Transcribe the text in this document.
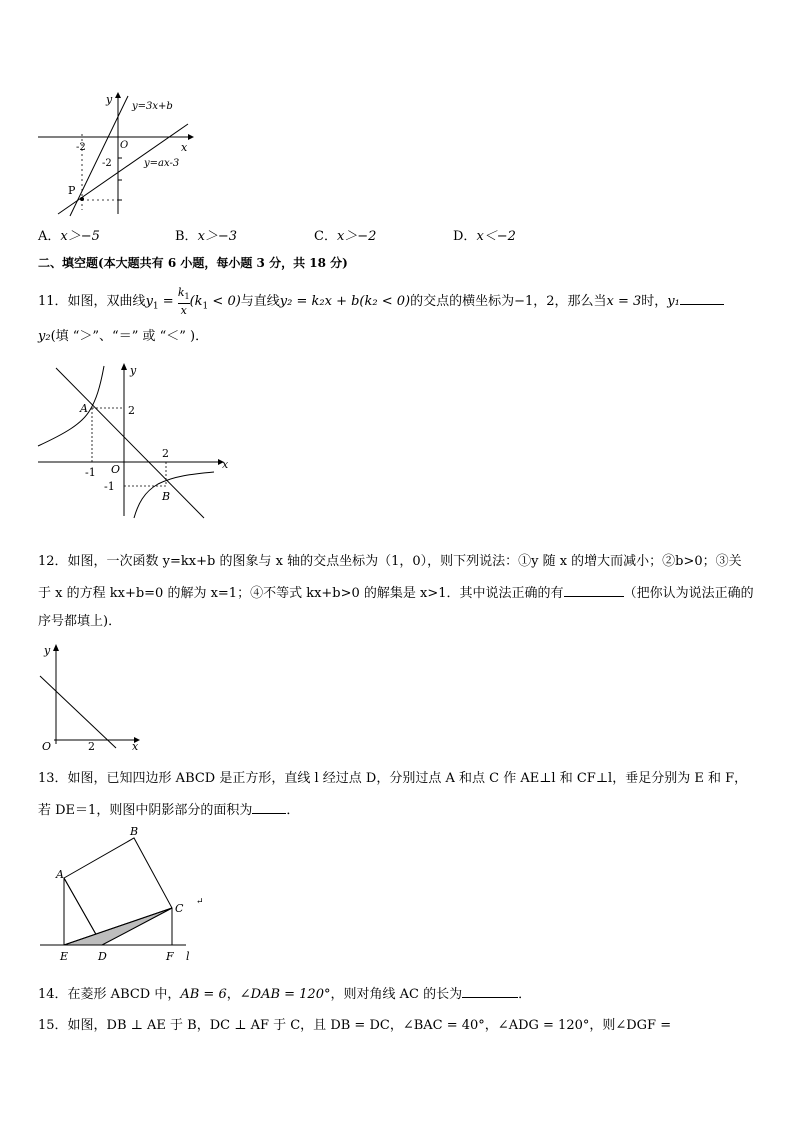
y
y=3x+b
-2	O	x
-2	y=ax-3
P
A．x＞−5	B．x＞−3	C．x＞−2	D．x＜−2
二、填空题(本大题共有 6 小题，每小题 3 分，共 18 分)
11．如图，双曲线$y_1 = k_1$

x
$(k_1 < 0)$与直线y₂ = k₂x + b(k₂ < 0)的交点的横坐标为−1，2，那么当x = 3时，y₁
y₂(填 “＞”、“＝” 或 “＜” )．
y
A	2
2
x
-1 O
-1
B
12．如图，一次函数 y=kx+b 的图象与 x 轴的交点坐标为（1，0），则下列说法：①y 随 x 的增大而减小；②b>0；③关
于 x 的方程 kx+b=0 的解为 x=1；④不等式 kx+b>0 的解集是 x>1．其中说法正确的有	（把你认为说法正确的
序号都填上)．
y
O	2	x
13．如图，已知四边形 ABCD 是正方形，直线 l 经过点 D，分别过点 A 和点 C 作 AE⊥l 和 CF⊥l，垂足分别为 E 和 F，
若 DE＝1，则图中阴影部分的面积为	．
B
A
C ↵
E	D	F l
14．在菱形 ABCD 中，AB = 6，∠DAB = 120°，则对角线 AC 的长为	．
15．如图，DB ⊥ AE 于 B，DC ⊥ AF 于 C，且 DB = DC，∠BAC = 40°，∠ADG = 120°，则∠DGF =
